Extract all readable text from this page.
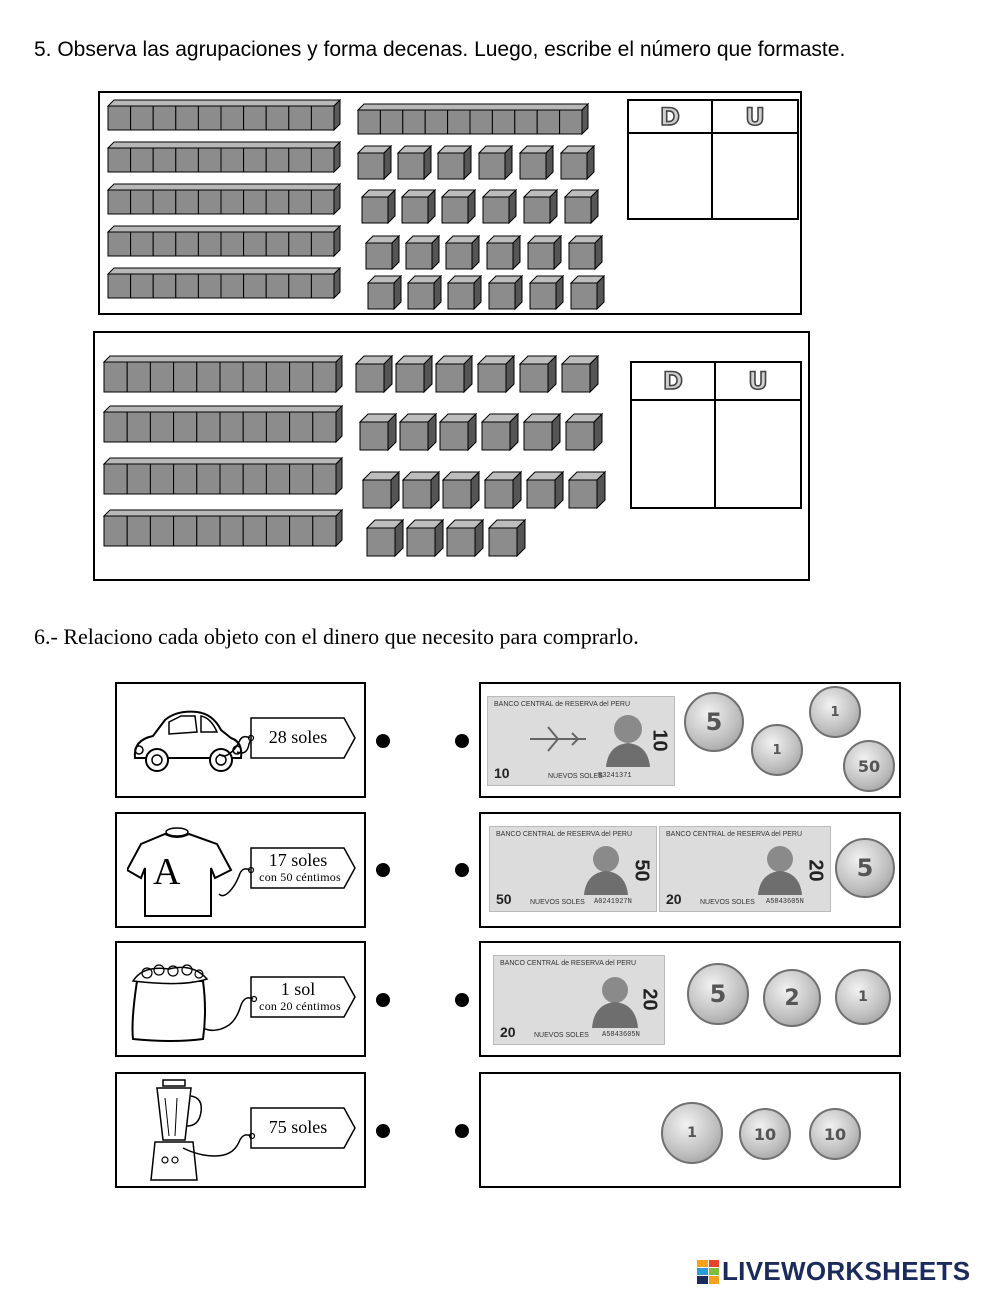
5. Observa las agrupaciones y forma decenas. Luego, escribe el número que formaste.
D	U
D	U
6.- Relaciono cada objeto con el dinero que necesito para comprarlo.
28 soles
BANCO CENTRAL de RESERVA del PERU
10
10
NUEVOS SOLES
B3241371
5
1
1
50
A	17 soles
con 50 céntimos
BANCO CENTRAL de RESERVA del PERU
50
50
NUEVOS SOLES A0241927N
BANCO CENTRAL de RESERVA del PERU
20
20
NUEVOS SOLES A5843605N
5
1 sol
con 20 céntimos
BANCO CENTRAL de RESERVA del PERU
20
20
NUEVOS SOLES A5843605N
5	2	1
75 soles	1	10	10
LIVEWORKSHEETS
